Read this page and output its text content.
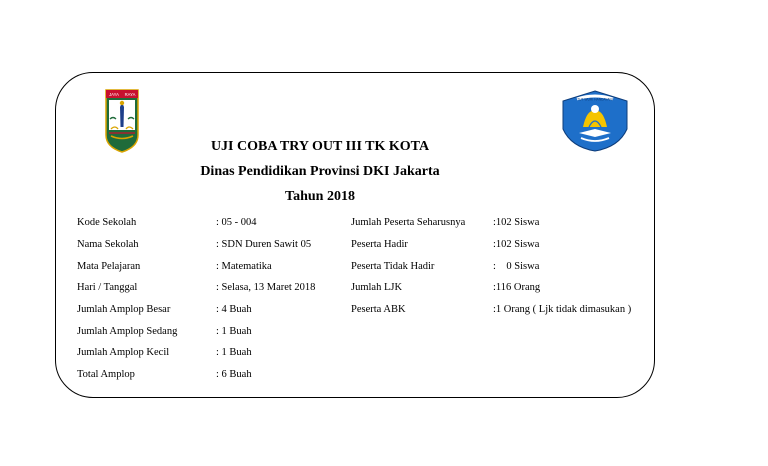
JAYA RAYA
TUT WURI HANDAYANI
UJI COBA TRY OUT III TK KOTA
Dinas Pendidikan Provinsi DKI Jakarta
Tahun 2018
Kode Sekolah	: 05 - 004
Nama Sekolah	: SDN Duren Sawit 05
Mata Pelajaran	: Matematika
Hari / Tanggal	: Selasa, 13 Maret 2018
Jumlah Amplop Besar	: 4 Buah
Jumlah Amplop Sedang	: 1 Buah
Jumlah Amplop Kecil	: 1 Buah
Total Amplop	: 6 Buah
Jumlah Peserta Seharusnya	:102 Siswa
Peserta Hadir	:102 Siswa
Peserta Tidak Hadir	:    0 Siswa
Jumlah LJK	:116 Orang
Peserta ABK	:1 Orang ( Ljk tidak dimasukan )
